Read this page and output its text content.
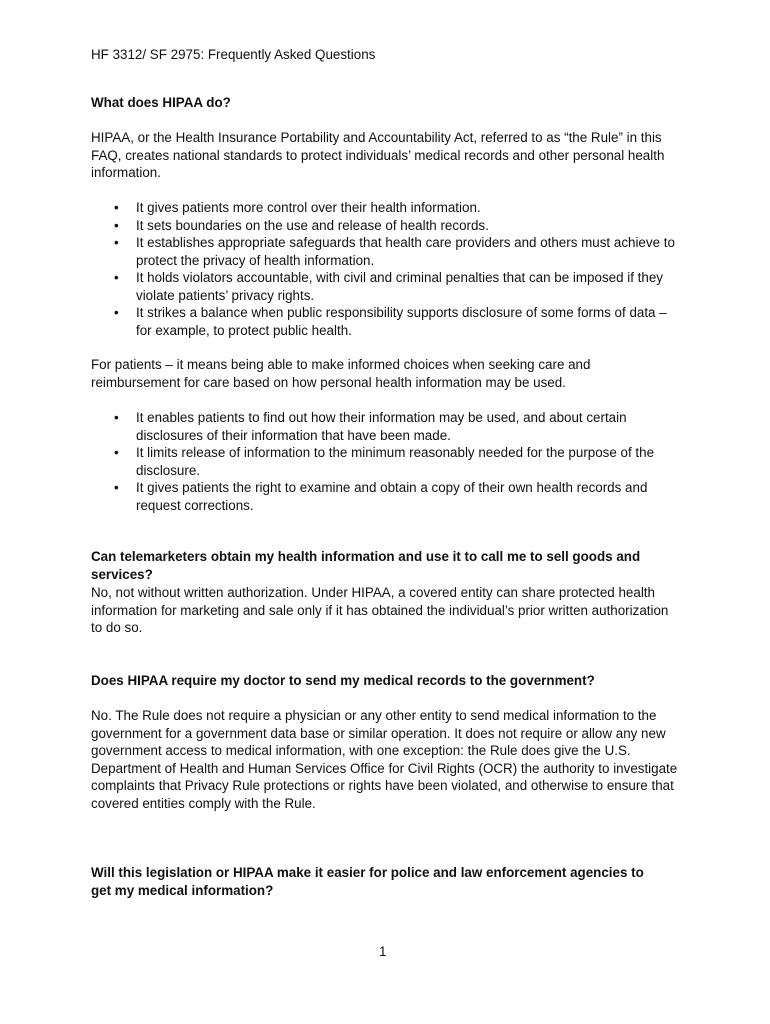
HF 3312/ SF 2975: Frequently Asked Questions

What does HIPAA do?

HIPAA, or the Health Insurance Portability and Accountability Act, referred to as “the Rule” in this FAQ, creates national standards to protect individuals’ medical records and other personal health information.

• It gives patients more control over their health information.
• It sets boundaries on the use and release of health records.
• It establishes appropriate safeguards that health care providers and others must achieve to protect the privacy of health information.
• It holds violators accountable, with civil and criminal penalties that can be imposed if they violate patients’ privacy rights.
• It strikes a balance when public responsibility supports disclosure of some forms of data – for example, to protect public health.

For patients – it means being able to make informed choices when seeking care and reimbursement for care based on how personal health information may be used.

• It enables patients to find out how their information may be used, and about certain disclosures of their information that have been made.
• It limits release of information to the minimum reasonably needed for the purpose of the disclosure.
• It gives patients the right to examine and obtain a copy of their own health records and request corrections.

Can telemarketers obtain my health information and use it to call me to sell goods and services?

No, not without written authorization. Under HIPAA, a covered entity can share protected health information for marketing and sale only if it has obtained the individual’s prior written authorization to do so.

Does HIPAA require my doctor to send my medical records to the government?

No. The Rule does not require a physician or any other entity to send medical information to the government for a government data base or similar operation. It does not require or allow any new government access to medical information, with one exception: the Rule does give the U.S. Department of Health and Human Services Office for Civil Rights (OCR) the authority to investigate complaints that Privacy Rule protections or rights have been violated, and otherwise to ensure that covered entities comply with the Rule.

Will this legislation or HIPAA make it easier for police and law enforcement agencies to get my medical information?

1
